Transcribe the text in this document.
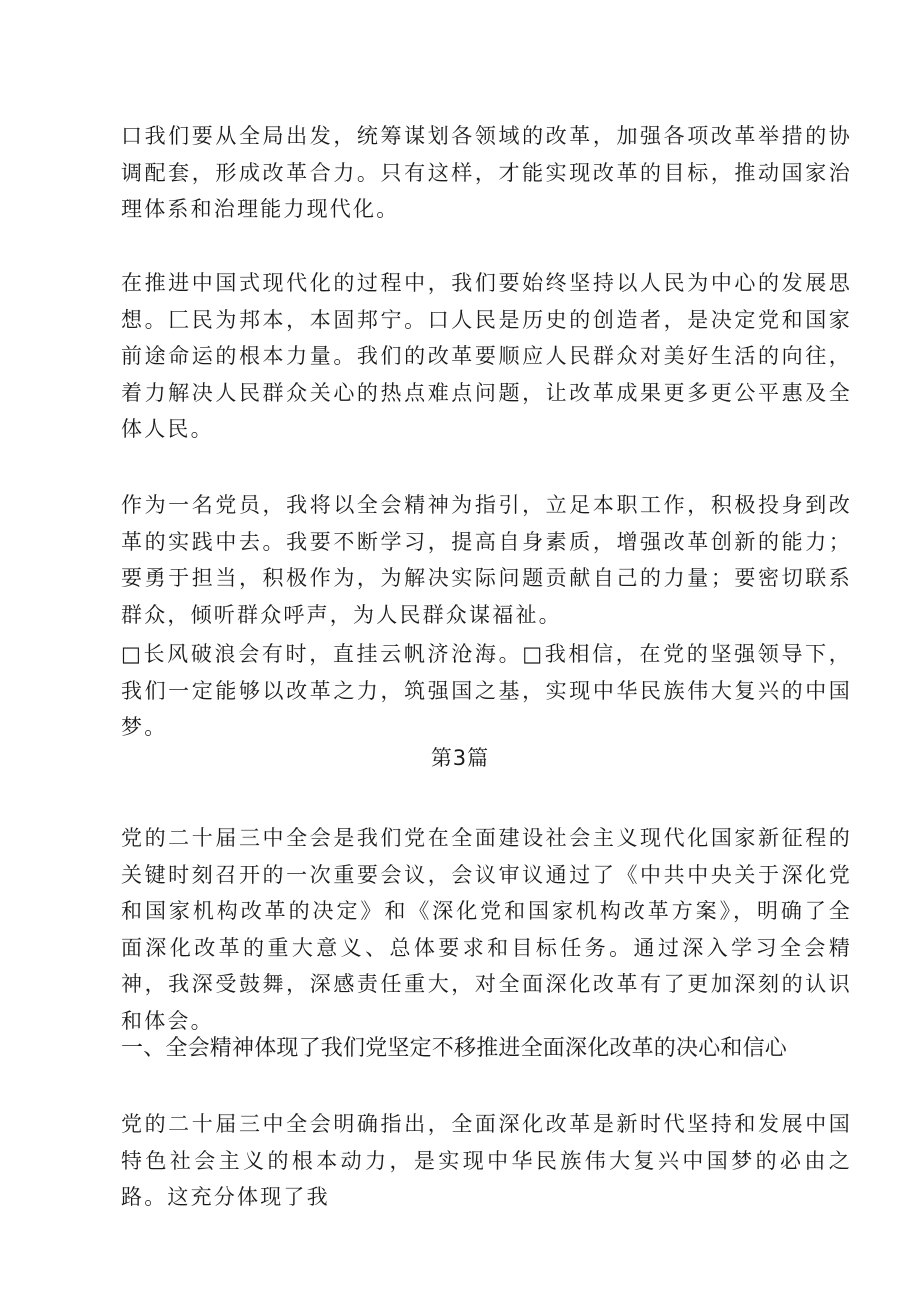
口我们要从全局出发，统筹谋划各领域的改革，加强各项改革举措的协调配套，形成改革合力。只有这样，才能实现改革的目标，推动国家治理体系和治理能力现代化。

在推进中国式现代化的过程中，我们要始终坚持以人民为中心的发展思想。匚民为邦本，本固邦宁。口人民是历史的创造者，是决定党和国家前途命运的根本力量。我们的改革要顺应人民群众对美好生活的向往，着力解决人民群众关心的热点难点问题，让改革成果更多更公平惠及全体人民。

作为一名党员，我将以全会精神为指引，立足本职工作，积极投身到改革的实践中去。我要不断学习，提高自身素质，增强改革创新的能力；要勇于担当，积极作为，为解决实际问题贡献自己的力量；要密切联系群众，倾听群众呼声，为人民群众谋福祉。

□长风破浪会有时，直挂云帆济沧海。□我相信，在党的坚强领导下，我们一定能够以改革之力，筑强国之基，实现中华民族伟大复兴的中国梦。

第3篇

党的二十届三中全会是我们党在全面建设社会主义现代化国家新征程的关键时刻召开的一次重要会议，会议审议通过了《中共中央关于深化党和国家机构改革的决定》和《深化党和国家机构改革方案》，明确了全面深化改革的重大意义、总体要求和目标任务。通过深入学习全会精神，我深受鼓舞，深感责任重大，对全面深化改革有了更加深刻的认识和体会。

一、全会精神体现了我们党坚定不移推进全面深化改革的决心和信心

党的二十届三中全会明确指出，全面深化改革是新时代坚持和发展中国特色社会主义的根本动力，是实现中华民族伟大复兴中国梦的必由之路。这充分体现了我
